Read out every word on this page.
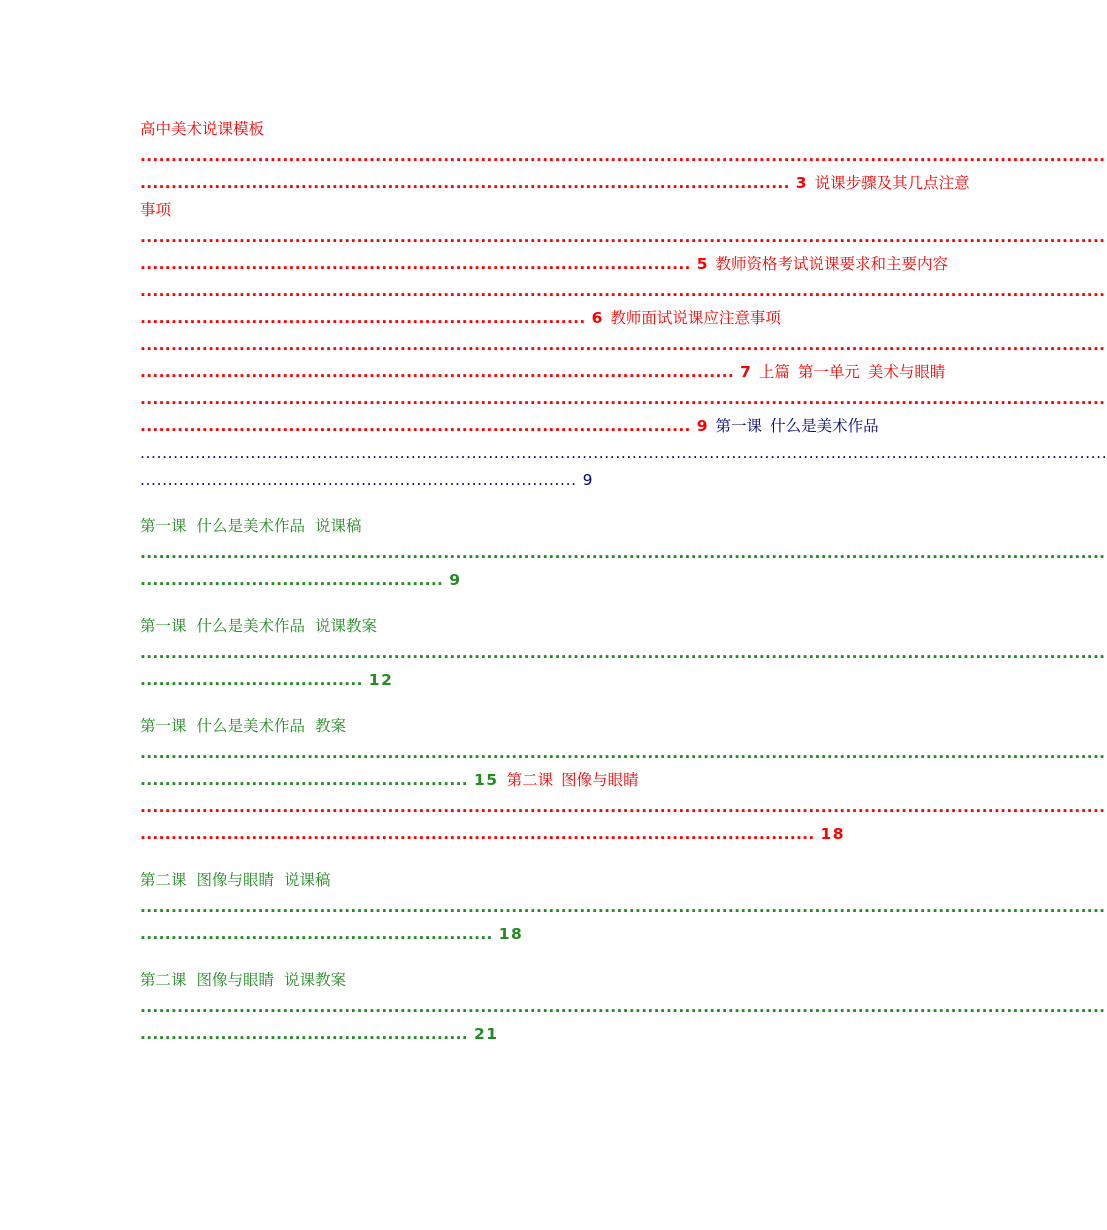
高中美术说课模板
............................................................................................................................................................
......................................................................................................... 3 说课步骤及其几点注意
事项
............................................................................................................................................................
......................................................................................... 5 教师资格考试说课要求和主要内容
............................................................................................................................................................
........................................................................ 6 教师面试说课应注意事项
............................................................................................................................................................
................................................................................................ 7 上篇 第一单元 美术与眼睛
............................................................................................................................................................
......................................................................................... 9 第一课 什么是美术作品
...............................................................................................................................................................................
............................................................................... 9
第一课 什么是美术作品 说课稿
............................................................................................................................................................
................................................. 9
第一课 什么是美术作品 说课教案
............................................................................................................................................................
.................................... 12
第一课 什么是美术作品 教案
............................................................................................................................................................
..................................................... 15 第二课 图像与眼睛
............................................................................................................................................................
............................................................................................................. 18
第二课 图像与眼睛 说课稿
............................................................................................................................................................
......................................................... 18
第二课 图像与眼睛 说课教案
............................................................................................................................................................
..................................................... 21
